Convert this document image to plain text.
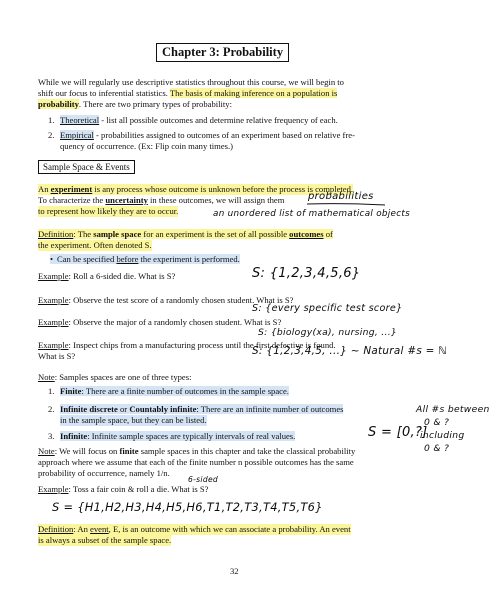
Chapter 3: Probability
While we will regularly use descriptive statistics throughout this course, we will begin to
shift our focus to inferential statistics. The basis of making inference on a population is
probability. There are two primary types of probability:
1. Theoretical - list all possible outcomes and determine relative frequency of each.
2. Empirical - probabilities assigned to outcomes of an experiment based on relative fre-
quency of occurrence. (Ex: Flip coin many times.)
Sample Space & Events
An experiment is any process whose outcome is unknown before the process is completed.
To characterize the uncertainty in these outcomes, we will assign them
to represent how likely they are to occur.
probabilities
an unordered list of mathematical objects
Definition: The sample space for an experiment is the set of all possible outcomes of
the experiment. Often denoted S.
• Can be specified before the experiment is performed.
Example: Roll a 6-sided die. What is S?	S: {1,2,3,4,5,6}
Example: Observe the test score of a randomly chosen student. What is S?
S: {every specific test score}
Example: Observe the major of a randomly chosen student. What is S?
S: {biology(xa), nursing, ...}
Example: Inspect chips from a manufacturing process until the first defective is found.
What is S?	S: {1,2,3,4,5, ...} ~ Natural #s = ℕ
Note: Samples spaces are one of three types:
1. Finite: There are a finite number of outcomes in the sample space.
2. Infinite discrete or Countably infinite: There are an infinite number of outcomes
in the sample space, but they can be listed.
3. Infinite: Infinite sample spaces are typically intervals of real values.	S = [0,?]
All #s between
0 & ?
including
0 & ?
Note: We will focus on finite sample spaces in this chapter and take the classical probability
approach where we assume that each of the finite number n possible outcomes has the same
probability of occurrence, namely 1/n.
6-sided
Example: Toss a fair coin & roll a die. What is S?
S = {H1,H2,H3,H4,H5,H6,T1,T2,T3,T4,T5,T6}
Definition: An event, E, is an outcome with which we can associate a probability. An event
is always a subset of the sample space.
32
